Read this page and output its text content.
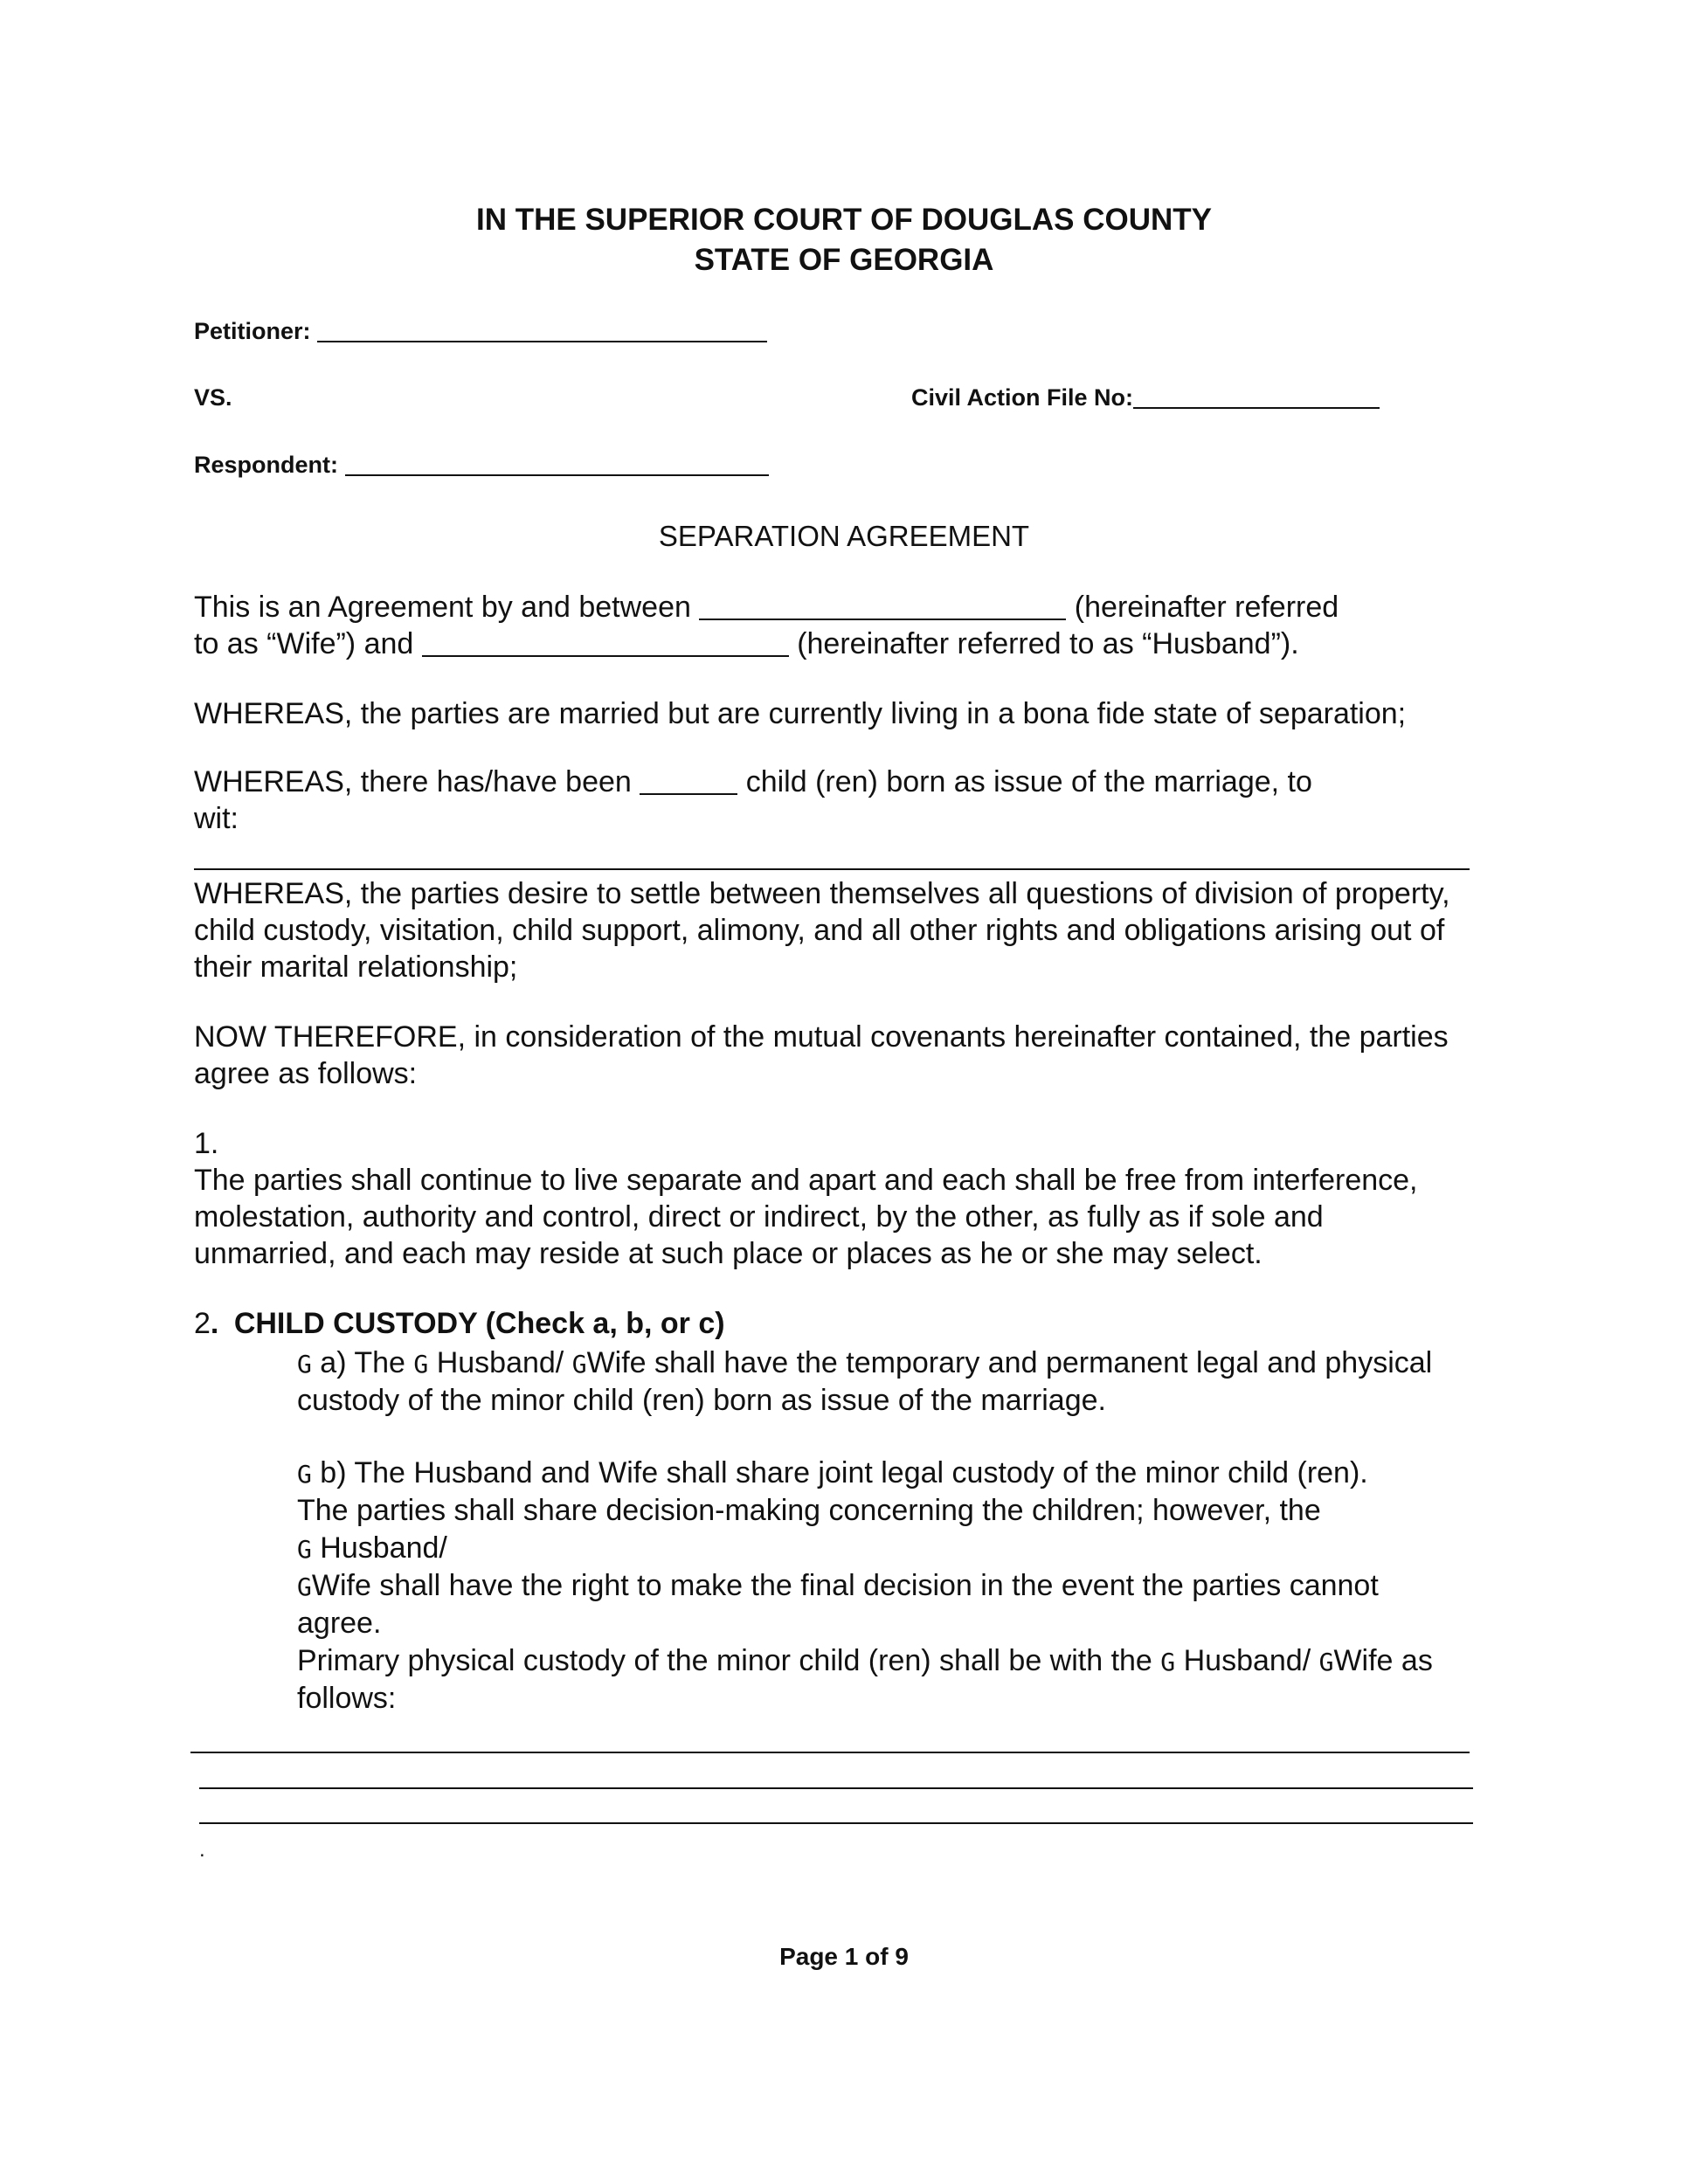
IN THE SUPERIOR COURT OF DOUGLAS COUNTY
STATE OF GEORGIA
Petitioner:
VS.	Civil Action File No:
Respondent:
SEPARATION AGREEMENT
This is an Agreement by and between	(hereinafter referred
to as “Wife”) and	(hereinafter referred to as “Husband”).
WHEREAS, the parties are married but are currently living in a bona fide state of separation;
WHEREAS, there has/have been	child (ren) born as issue of the marriage, to
wit:
WHEREAS, the parties desire to settle between themselves all questions of division of property,
child custody, visitation, child support, alimony, and all other rights and obligations arising out of
their marital relationship;
NOW THEREFORE, in consideration of the mutual covenants hereinafter contained, the parties
agree as follows:
1.
The parties shall continue to live separate and apart and each shall be free from interference,
molestation, authority and control, direct or indirect, by the other, as fully as if sole and
unmarried, and each may reside at such place or places as he or she may select.
2. CHILD CUSTODY (Check a, b, or c)
G a) The G Husband/ GWife shall have the temporary and permanent legal and physical
custody of the minor child (ren) born as issue of the marriage.
G b) The Husband and Wife shall share joint legal custody of the minor child (ren).
The parties shall share decision-making concerning the children; however, the
G Husband/
GWife shall have the right to make the final decision in the event the parties cannot
agree.
Primary physical custody of the minor child (ren) shall be with the G Husband/ GWife as
follows:
.
Page 1 of 9
